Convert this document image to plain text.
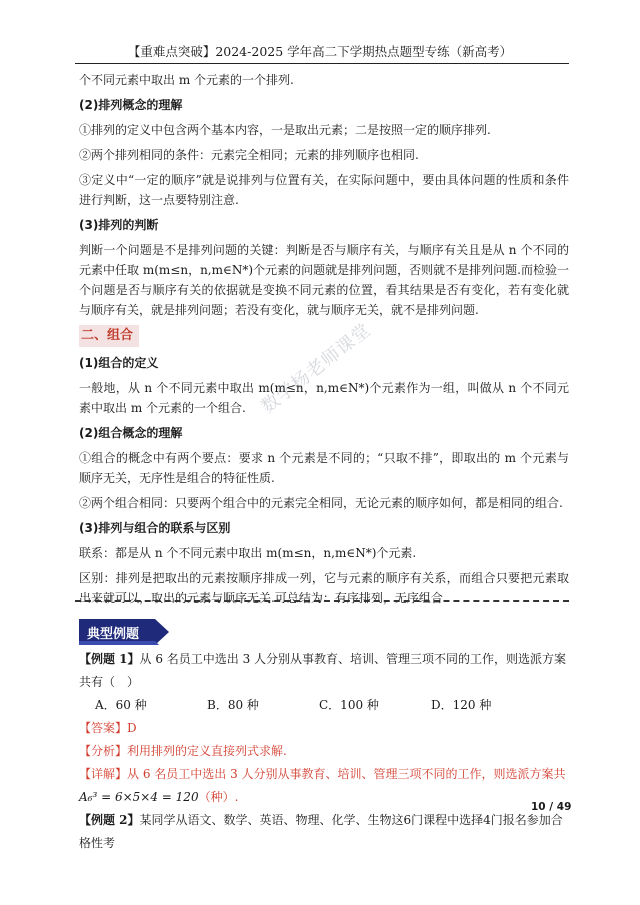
【重难点突破】2024-2025 学年高二下学期热点题型专练（新高考）
数学杨老师课堂

个不同元素中取出 m 个元素的一个排列.

(2)排列概念的理解

①排列的定义中包含两个基本内容，一是取出元素；二是按照一定的顺序排列.

②两个排列相同的条件：元素完全相同；元素的排列顺序也相同.

③定义中“一定的顺序”就是说排列与位置有关，在实际问题中，要由具体问题的性质和条件进行判断，这一点要特别注意.

(3)排列的判断

判断一个问题是不是排列问题的关键：判断是否与顺序有关，与顺序有关且是从 n 个不同的元素中任取 m(m≤n，n,m∈N*)个元素的问题就是排列问题，否则就不是排列问题.而检验一个问题是否与顺序有关的依据就是变换不同元素的位置，看其结果是否有变化，若有变化就与顺序有关，就是排列问题；若没有变化，就与顺序无关，就不是排列问题.

二、组合

(1)组合的定义

一般地，从 n 个不同元素中取出 m(m≤n，n,m∈N*)个元素作为一组，叫做从 n 个不同元素中取出 m 个元素的一个组合.

(2)组合概念的理解

①组合的概念中有两个要点：要求 n 个元素是不同的；“只取不排”，即取出的 m 个元素与顺序无关，无序性是组合的特征性质.

②两个组合相同：只要两个组合中的元素完全相同，无论元素的顺序如何，都是相同的组合.

(3)排列与组合的联系与区别

联系：都是从 n 个不同元素中取出 m(m≤n，n,m∈N*)个元素.

区别：排列是把取出的元素按顺序排成一列，它与元素的顺序有关系，而组合只要把元素取出来就可以，取出的元素与顺序无关.可总结为：有序排列，无序组合.

典型例题

【例题 1】从 6 名员工中选出 3 人分别从事教育、培训、管理三项不同的工作，则选派方案共有（　）

A．60 种	B．80 种	C．100 种	D．120 种

【答案】D

【分析】利用排列的定义直接列式求解.

【详解】从 6 名员工中选出 3 人分别从事教育、培训、管理三项不同的工作，则选派方案共

A₆³ = 6×5×4 = 120（种）.

【例题 2】某同学从语文、数学、英语、物理、化学、生物这6门课程中选择4门报名参加合格性考

10 / 49
